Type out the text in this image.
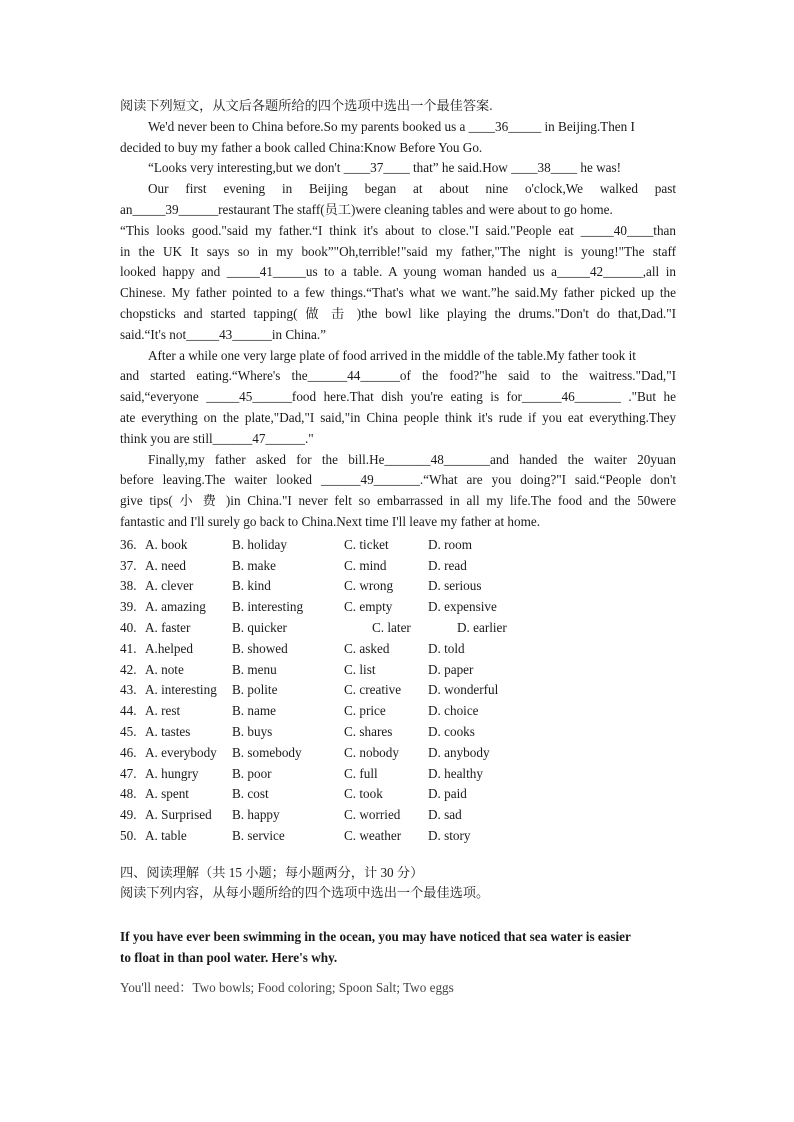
阅读下列短文，从文后各题所给的四个选项中选出一个最佳答案.

We'd never been to China before.So my parents booked us a ____36_____ in Beijing.Then I

decided to buy my father a book called China:Know Before You Go.

“Looks very interesting,but we don't ____37____ that” he said.How ____38____ he was!

Our first evening in Beijing began at about nine o'clock,We walked past

an_____39______restaurant The staff(员工)were cleaning tables and were about to go home.

“This looks good."said my father.“I think it's about to close."I said."People eat _____40____than

in the UK It says so in my book”"Oh,terrible!"said my father,"The night is young!"The staff

looked happy and _____41_____us to a table. A young woman handed us a_____42______,all in

Chinese. My father pointed to a few things.“That's what we want.”he said.My father picked up the

chopsticks and started tapping( 做 击 )the bowl like playing the drums."Don't do that,Dad."I

said.“It's not_____43______in China.”

After a while one very large plate of food arrived in the middle of the table.My father took it

and started eating.“Where's the______44______of the food?"he said to the waitress."Dad,"I

said,“everyone _____45______food here.That dish you're eating is for______46_______ ."But he

ate everything on the plate,"Dad,"I said,"in China people think it's rude if you eat everything.They

think you are still______47______."

Finally,my father asked for the bill.He_______48_______and handed the waiter 20yuan

before leaving.The waiter looked ______49_______.“What are you doing?"I said.“People don't

give tips( 小 费 )in China."I never felt so embarrassed in all my life.The food and the 50were

fantastic and I'll surely go back to China.Next time I'll leave my father at home.

36. A. book	B. holiday	C. ticket	D. room
37. A. need	B. make	C. mind	D. read
38. A. clever	B. kind	C. wrong	D. serious
39. A. amazing B. interesting	C. empty	D. expensive
40. A. faster	B. quicker	C. later	D. earlier
41. A.helped	B. showed	C. asked	D. told
42. A. note	B. menu	C. list	D. paper
43. A. interesting B. polite	C. creative D. wonderful
44. A. rest	B. name	C. price	D. choice
45. A. tastes	B. buys	C. shares	D. cooks
46. A. everybody B. somebody	C. nobody D. anybody
47. A. hungry	B. poor	C. full	D. healthy
48. A. spent	B. cost	C. took	D. paid
49. A. Surprised B. happy	C. worried D. sad
50. A. table	B. service	C. weather D. story

四、阅读理解（共 15 小题；每小题两分，计 30 分）

阅读下列内容，从每小题所给的四个选项中选出一个最佳选项。

If you have ever been swimming in the ocean, you may have noticed that sea water is easier

to float in than pool water. Here's why.

You'll need：Two bowls; Food coloring; Spoon Salt; Two eggs
